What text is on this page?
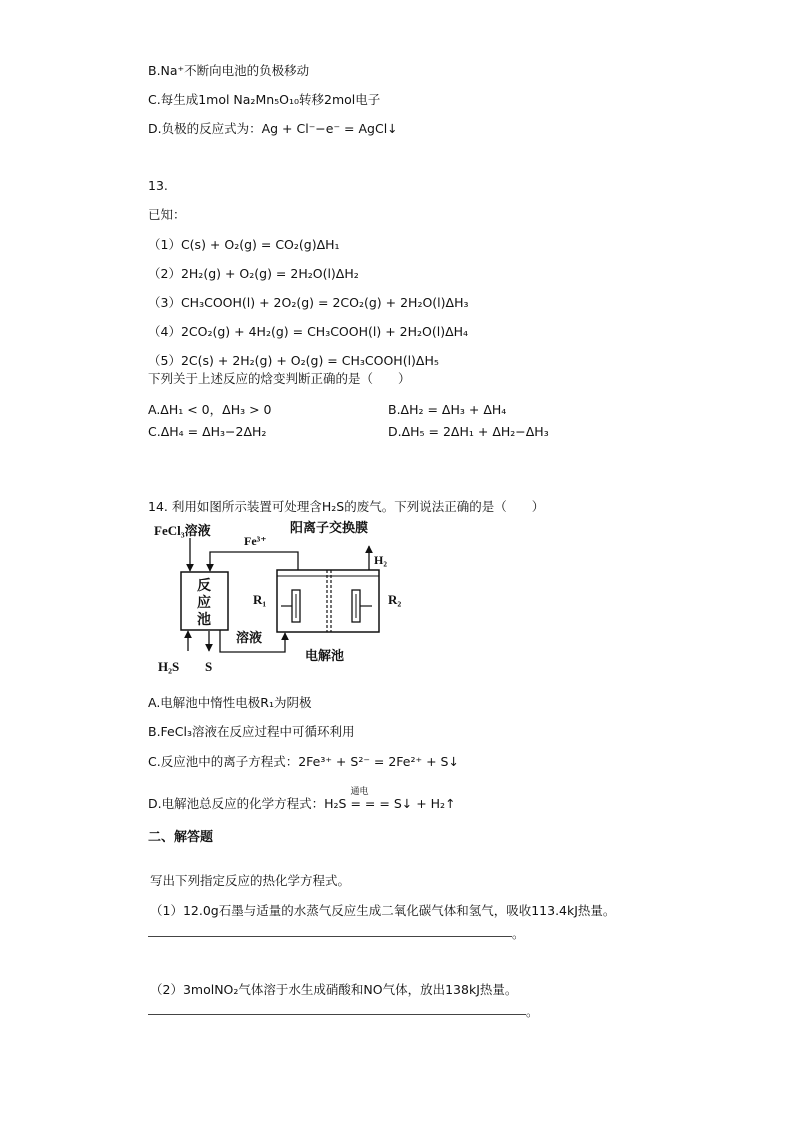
B.Na⁺不断向电池的负极移动
C.每生成1mol Na₂Mn₅O₁₀转移2mol电子
D.负极的反应式为：Ag + Cl⁻−e⁻ = AgCl↓
13.
已知：
（1）C(s) + O₂(g) = CO₂(g)ΔH₁
（2）2H₂(g) + O₂(g) = 2H₂O(l)ΔH₂
（3）CH₃COOH(l) + 2O₂(g) = 2CO₂(g) + 2H₂O(l)ΔH₃
（4）2CO₂(g) + 4H₂(g) = CH₃COOH(l) + 2H₂O(l)ΔH₄
（5）2C(s) + 2H₂(g) + O₂(g) = CH₃COOH(l)ΔH₅
下列关于上述反应的焓变判断正确的是（　　）
A.ΔH₁ < 0，ΔH₃ > 0	B.ΔH₂ = ΔH₃ + ΔH₄
C.ΔH₄ = ΔH₃−2ΔH₂	D.ΔH₅ = 2ΔH₁ + ΔH₂−ΔH₃
14. 利用如图所示装置可处理含H₂S的废气。下列说法正确的是（　　）
FeCl₃溶液
Fe³⁺
阳离子交换膜
H₂
反
应
池
R₁	R₂
溶液
H₂S S
电解池
A.电解池中惰性电极R₁为阴极
B.FeCl₃溶液在反应过程中可循环利用
C.反应池中的离子方程式：2Fe³⁺ + S²⁻ = 2Fe²⁺ + S↓
D.电解池总反应的化学方程式：H₂S
通电
= = = S↓ + H₂↑
二、解答题
写出下列指定反应的热化学方程式。
（1）12.0g石墨与适量的水蒸气反应生成二氧化碳气体和氢气，吸收113.4kJ热量。
。
（2）3molNO₂气体溶于水生成硝酸和NO气体，放出138kJ热量。
。
